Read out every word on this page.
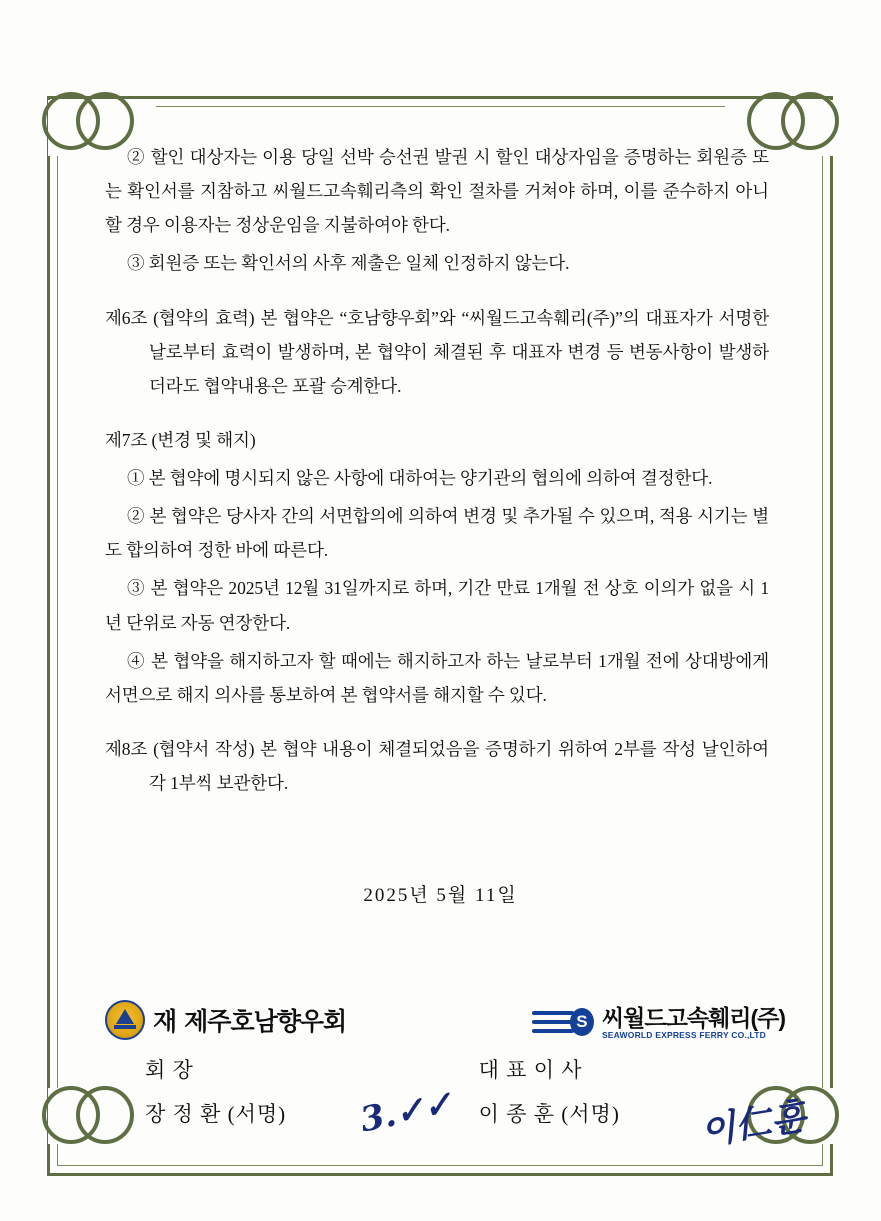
② 할인 대상자는 이용 당일 선박 승선권 발권 시 할인 대상자임을 증명하는 회원증 또는 확인서를 지참하고 씨월드고속훼리측의 확인 절차를 거쳐야 하며, 이를 준수하지 아니할 경우 이용자는 정상운임을 지불하여야 한다.

③ 회원증 또는 확인서의 사후 제출은 일체 인정하지 않는다.

제6조 (협약의 효력) 본 협약은 “호남향우회”와 “씨월드고속훼리(주)”의 대표자가 서명한 날로부터 효력이 발생하며, 본 협약이 체결된 후 대표자 변경 등 변동사항이 발생하더라도 협약내용은 포괄 승계한다.

제7조 (변경 및 해지)

① 본 협약에 명시되지 않은 사항에 대하여는 양기관의 협의에 의하여 결정한다.

② 본 협약은 당사자 간의 서면합의에 의하여 변경 및 추가될 수 있으며, 적용 시기는 별도 합의하여 정한 바에 따른다.

③ 본 협약은 2025년 12월 31일까지로 하며, 기간 만료 1개월 전 상호 이의가 없을 시 1년 단위로 자동 연장한다.

④ 본 협약을 해지하고자 할 때에는 해지하고자 하는 날로부터 1개월 전에 상대방에게 서면으로 해지 의사를 통보하여 본 협약서를 해지할 수 있다.

제8조 (협약서 작성) 본 협약 내용이 체결되었음을 증명하기 위하여 2부를 작성 날인하여 각 1부씩 보관한다.

2025년 5월 11일
재 제주호남향우회	S 씨월드고속훼리(주)
SEAWORLD EXPRESS FERRY CO.,LTD
회 장	대 표 이 사
장 정 환 (서명)	이 종 훈 (서명)
3.✓✓	이仁훈
